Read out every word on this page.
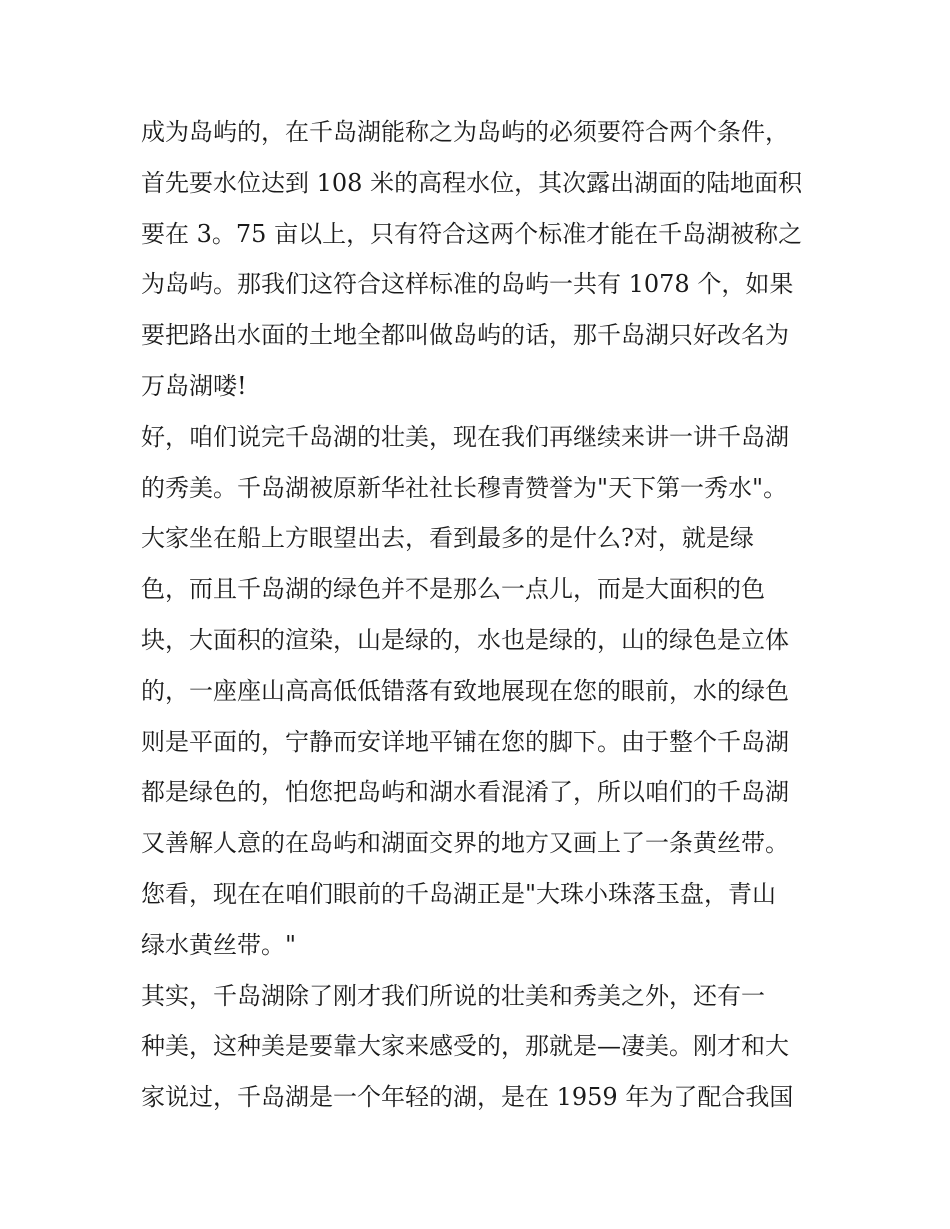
成为岛屿的，在千岛湖能称之为岛屿的必须要符合两个条件，
首先要水位达到 108 米的高程水位，其次露出湖面的陆地面积
要在 3。75 亩以上，只有符合这两个标准才能在千岛湖被称之
为岛屿。那我们这符合这样标准的岛屿一共有 1078 个，如果
要把路出水面的土地全都叫做岛屿的话，那千岛湖只好改名为
万岛湖喽!
好，咱们说完千岛湖的壮美，现在我们再继续来讲一讲千岛湖
的秀美。千岛湖被原新华社社长穆青赞誉为"天下第一秀水"。
大家坐在船上方眼望出去，看到最多的是什么?对，就是绿
色，而且千岛湖的绿色并不是那么一点儿，而是大面积的色
块，大面积的渲染，山是绿的，水也是绿的，山的绿色是立体
的，一座座山高高低低错落有致地展现在您的眼前，水的绿色
则是平面的，宁静而安详地平铺在您的脚下。由于整个千岛湖
都是绿色的，怕您把岛屿和湖水看混淆了，所以咱们的千岛湖
又善解人意的在岛屿和湖面交界的地方又画上了一条黄丝带。
您看，现在在咱们眼前的千岛湖正是"大珠小珠落玉盘，青山
绿水黄丝带。"
其实，千岛湖除了刚才我们所说的壮美和秀美之外，还有一
种美，这种美是要靠大家来感受的，那就是—凄美。刚才和大
家说过，千岛湖是一个年轻的湖，是在 1959 年为了配合我国
